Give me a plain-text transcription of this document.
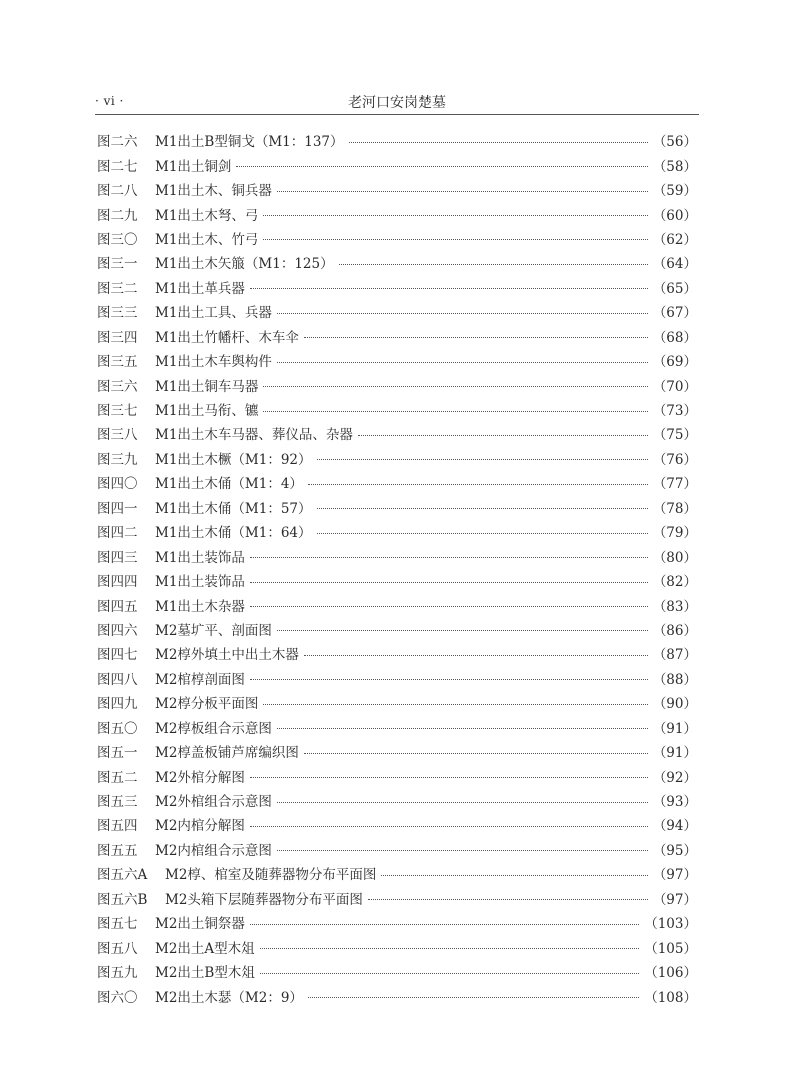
· vi ·	老河口安岗楚墓
图二六	M1出土B型铜戈（M1：137）	（56）
图二七	M1出土铜剑	（58）
图二八	M1出土木、铜兵器	（59）
图二九	M1出土木弩、弓	（60）
图三〇	M1出土木、竹弓	（62）
图三一	M1出土木矢箙（M1：125）	（64）
图三二	M1出土革兵器	（65）
图三三	M1出土工具、兵器	（67）
图三四	M1出土竹幡杆、木车伞	（68）
图三五	M1出土木车舆构件	（69）
图三六	M1出土铜车马器	（70）
图三七	M1出土马衔、镳	（73）
图三八	M1出土木车马器、葬仪品、杂器	（75）
图三九	M1出土木橛（M1：92）	（76）
图四〇	M1出土木俑（M1：4）	（77）
图四一	M1出土木俑（M1：57）	（78）
图四二	M1出土木俑（M1：64）	（79）
图四三	M1出土装饰品	（80）
图四四	M1出土装饰品	（82）
图四五	M1出土木杂器	（83）
图四六	M2墓圹平、剖面图	（86）
图四七	M2椁外填土中出土木器	（87）
图四八	M2棺椁剖面图	（88）
图四九	M2椁分板平面图	（90）
图五〇	M2椁板组合示意图	（91）
图五一	M2椁盖板铺芦席编织图	（91）
图五二	M2外棺分解图	（92）
图五三	M2外棺组合示意图	（93）
图五四	M2内棺分解图	（94）
图五五	M2内棺组合示意图	（95）
图五六A	M2椁、棺室及随葬器物分布平面图	（97）
图五六B	M2头箱下层随葬器物分布平面图	（97）
图五七	M2出土铜祭器	（103）
图五八	M2出土A型木俎	（105）
图五九	M2出土B型木俎	（106）
图六〇	M2出土木瑟（M2：9）	（108）
